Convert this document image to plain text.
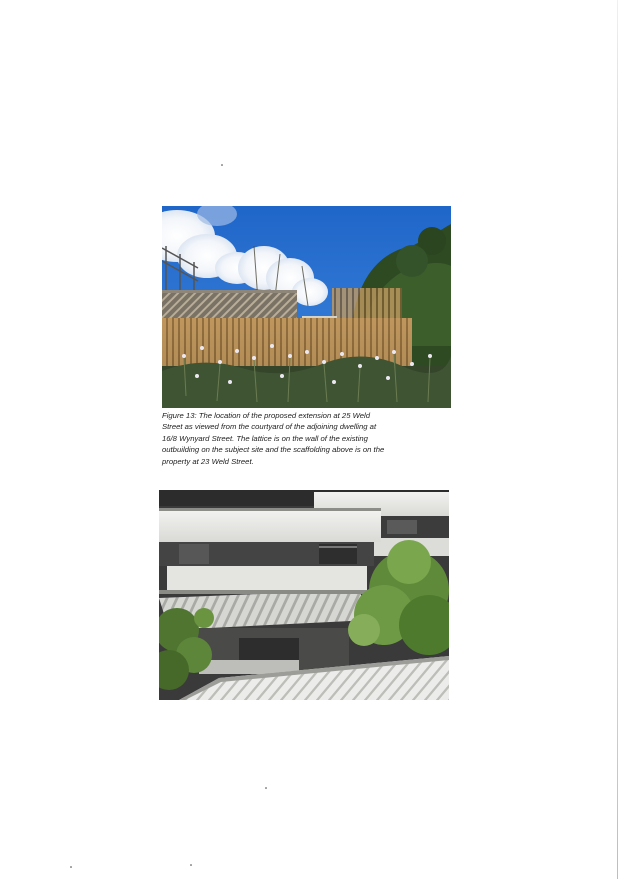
Figure 13: The location of the proposed extension at 25 Weld
Street as viewed from the courtyard of the adjoining dwelling at
16/8 Wynyard Street. The lattice is on the wall of the existing
outbuilding on the subject site and the scaffolding above is on the
property at 23 Weld Street.
